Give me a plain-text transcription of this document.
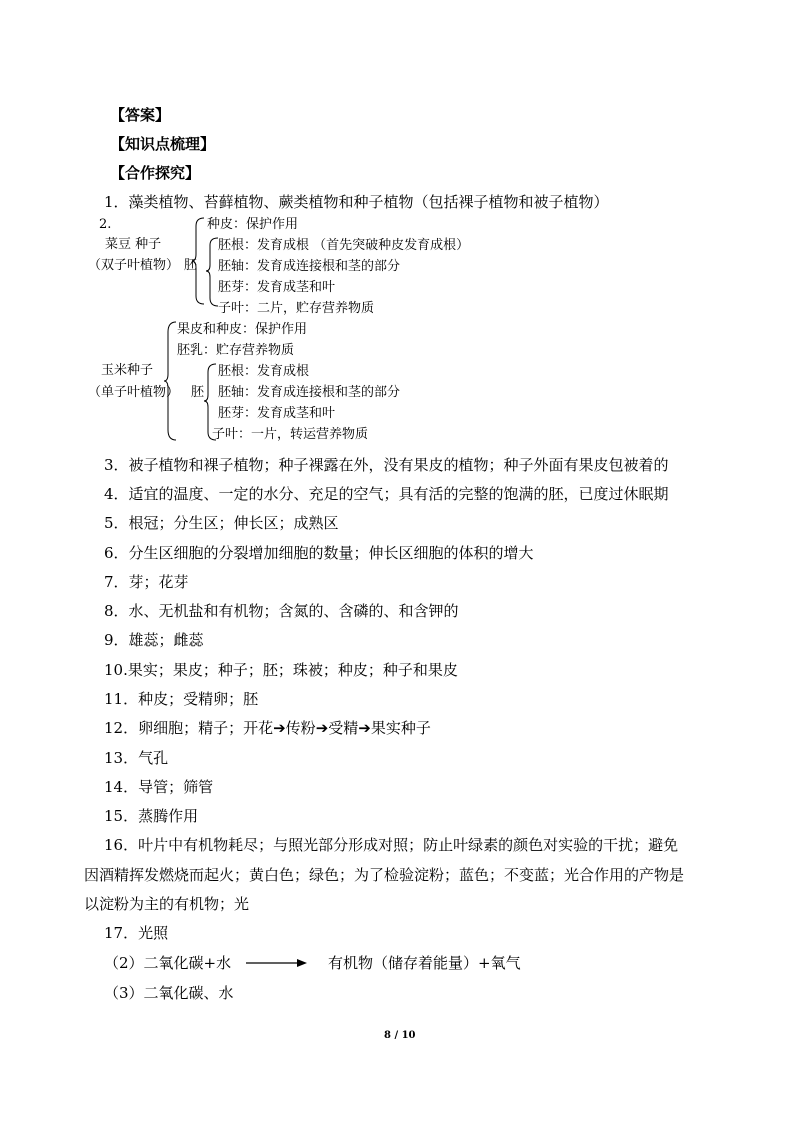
【答案】
【知识点梳理】
【合作探究】
1．藻类植物、苔藓植物、蕨类植物和种子植物（包括裸子植物和被子植物）
2.
菜豆 种子
（双子叶植物） 胚
种皮：保护作用
胚根：发育成根 （首先突破种皮发育成根）
胚轴：发育成连接根和茎的部分
胚芽：发育成茎和叶
子叶：二片，贮存营养物质
玉米种子
（单子叶植物） 胚
果皮和种皮：保护作用
胚乳：贮存营养物质
胚根：发育成根
胚轴：发育成连接根和茎的部分
胚芽：发育成茎和叶
子叶：一片，转运营养物质
3．被子植物和裸子植物；种子裸露在外，没有果皮的植物；种子外面有果皮包被着的
4．适宜的温度、一定的水分、充足的空气；具有活的完整的饱满的胚，已度过休眠期
5．根冠；分生区；伸长区；成熟区
6．分生区细胞的分裂增加细胞的数量；伸长区细胞的体积的增大
7．芽；花芽
8．水、无机盐和有机物；含氮的、含磷的、和含钾的
9．雄蕊；雌蕊
10.果实；果皮；种子；胚；珠被；种皮；种子和果皮
11．种皮；受精卵；胚
12．卵细胞；精子；开花➔传粉➔受精➔果实种子
13．气孔
14．导管；筛管
15．蒸腾作用
16．叶片中有机物耗尽；与照光部分形成对照；防止叶绿素的颜色对实验的干扰；避免
因酒精挥发燃烧而起火；黄白色；绿色；为了检验淀粉；蓝色；不变蓝；光合作用的产物是
以淀粉为主的有机物；光
17．光照
（2）二氧化碳+水 → 有机物（储存着能量）+氧气
（3）二氧化碳、水
8 / 10
